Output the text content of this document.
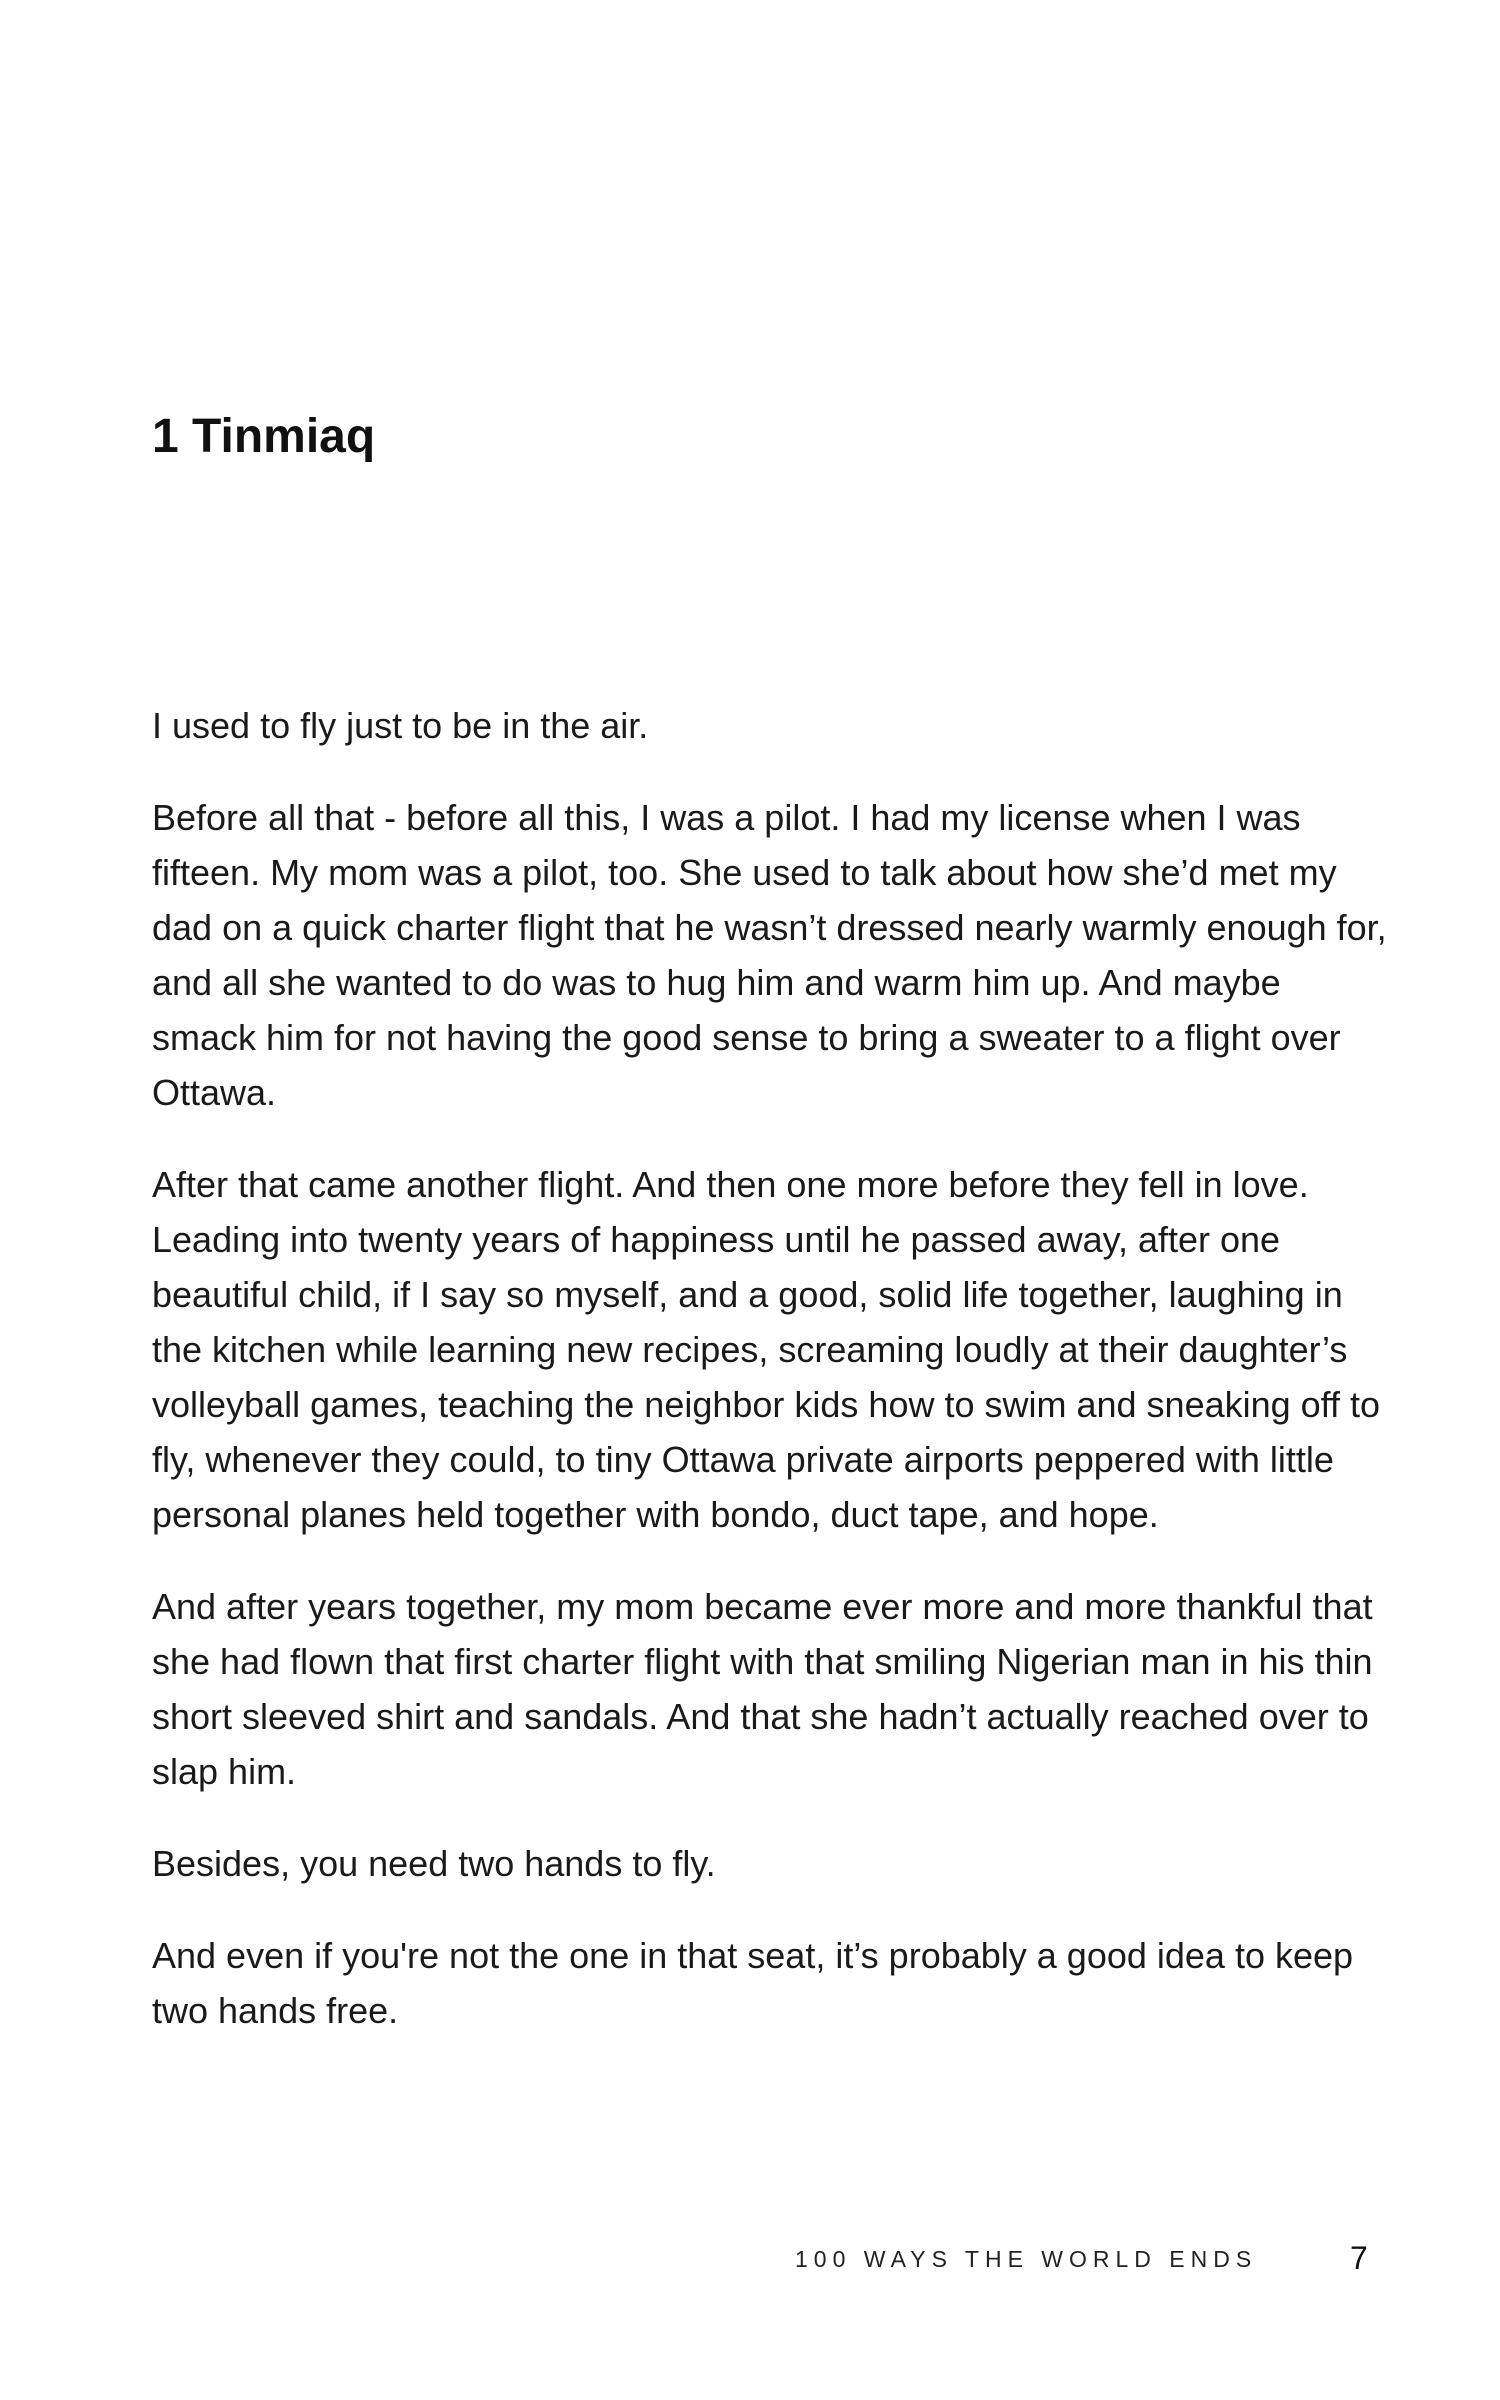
1 Tinmiaq

I used to fly just to be in the air.

Before all that - before all this, I was a pilot. I had my license when I was fifteen. My mom was a pilot, too. She used to talk about how she’d met my dad on a quick charter flight that he wasn’t dressed nearly warmly enough for, and all she wanted to do was to hug him and warm him up. And maybe smack him for not having the good sense to bring a sweater to a flight over Ottawa.

After that came another flight. And then one more before they fell in love. Leading into twenty years of happiness until he passed away, after one beautiful child, if I say so myself, and a good, solid life together, laughing in the kitchen while learning new recipes, screaming loudly at their daughter’s volleyball games, teaching the neighbor kids how to swim and sneaking off to fly, whenever they could, to tiny Ottawa private airports peppered with little personal planes held together with bondo, duct tape, and hope.

And after years together, my mom became ever more and more thankful that she had flown that first charter flight with that smiling Nigerian man in his thin short sleeved shirt and sandals. And that she hadn’t actually reached over to slap him.

Besides, you need two hands to fly.

And even if you're not the one in that seat, it’s probably a good idea to keep two hands free.

100 WAYS THE WORLD ENDS	7
